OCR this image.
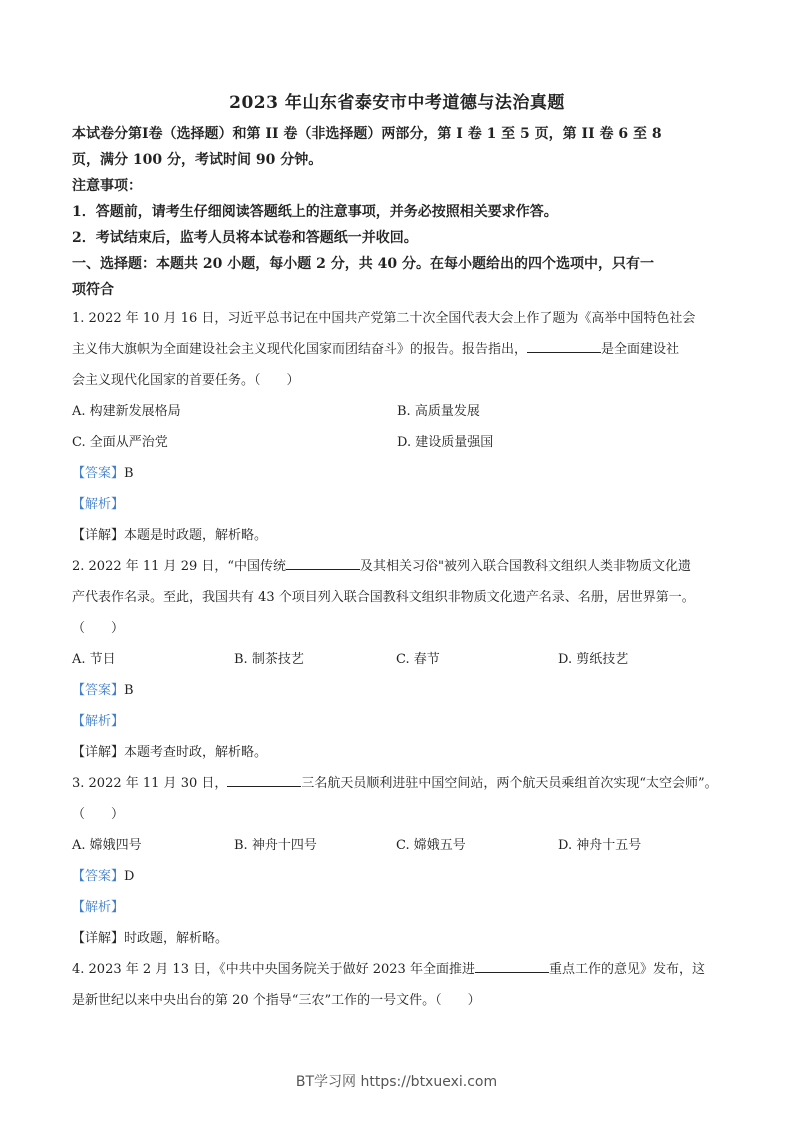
2023 年山东省泰安市中考道德与法治真题
本试卷分第Ⅰ卷（选择题）和第 II 卷（非选择题）两部分，第 I 卷 1 至 5 页，第 II 卷 6 至 8
页，满分 100 分，考试时间 90 分钟。
注意事项：
1．答题前，请考生仔细阅读答题纸上的注意事项，并务必按照相关要求作答。
2．考试结束后，监考人员将本试卷和答题纸一并收回。
一、选择题：本题共 20 小题，每小题 2 分，共 40 分。在每小题给出的四个选项中，只有一
项符合
1. 2022 年 10 月 16 日，习近平总书记在中国共产党第二十次全国代表大会上作了题为《高举中国特色社会
主义伟大旗帜为全面建设社会主义现代化国家而团结奋斗》的报告。报告指出，	是全面建设社
会主义现代化国家的首要任务。（　　）
A. 构建新发展格局	B. 高质量发展
C. 全面从严治党	D. 建设质量强国
【答案】B
【解析】
【详解】本题是时政题，解析略。
2. 2022 年 11 月 29 日，“中国传统	及其相关习俗"被列入联合国教科文组织人类非物质文化遗
产代表作名录。至此，我国共有 43 个项目列入联合国教科文组织非物质文化遗产名录、名册，居世界第一。
（　　）
A. 节日	B. 制茶技艺	C. 春节	D. 剪纸技艺
【答案】B
【解析】
【详解】本题考查时政，解析略。
3. 2022 年 11 月 30 日，	三名航天员顺利进驻中国空间站，两个航天员乘组首次实现“太空会师”。
（　　）
A. 嫦娥四号	B. 神舟十四号	C. 嫦娥五号	D. 神舟十五号
【答案】D
【解析】
【详解】时政题，解析略。
4. 2023 年 2 月 13 日，《中共中央国务院关于做好 2023 年全面推进	重点工作的意见》发布，这
是新世纪以来中央出台的第 20 个指导“三农”工作的一号文件。（　　）
BT学习网 https://btxuexi.com
